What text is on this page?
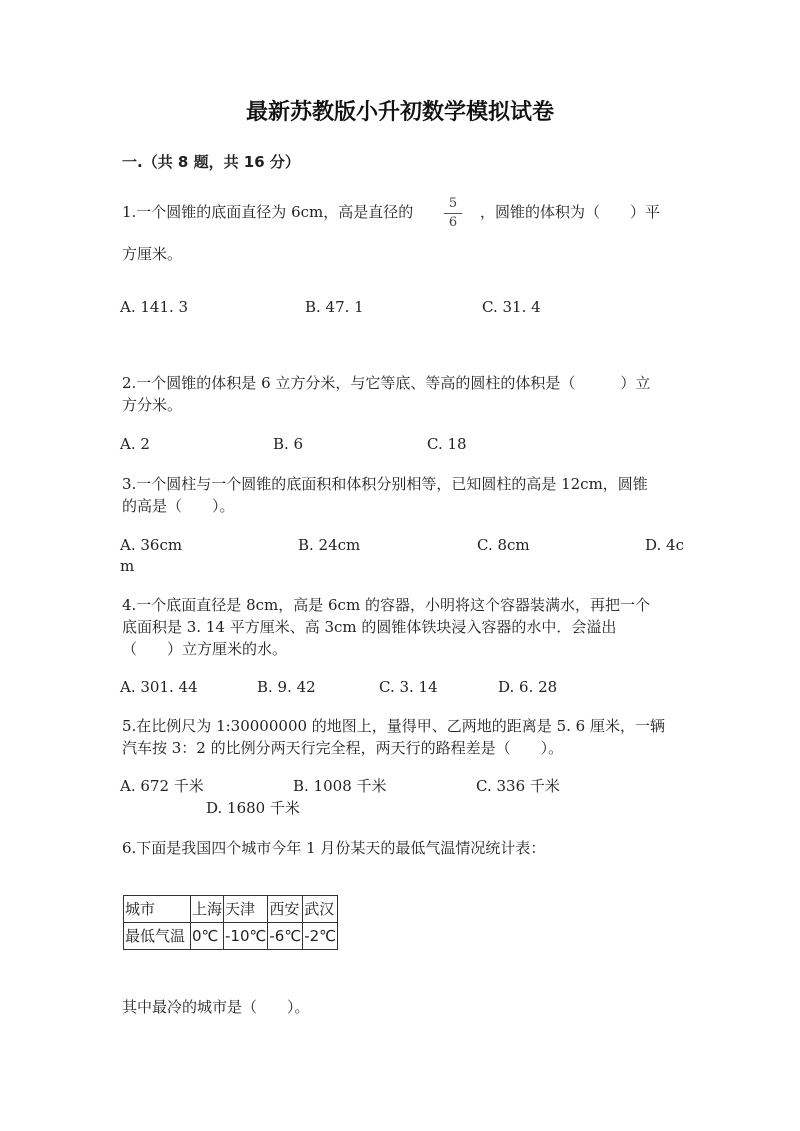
最新苏教版小升初数学模拟试卷
一.（共 8 题，共 16 分）
1.一个圆锥的底面直径为 6cm，高是直径的	5
6
，圆锥的体积为（　　）平
方厘米。
A. 141. 3	B. 47. 1	C. 31. 4
2.一个圆锥的体积是 6 立方分米，与它等底、等高的圆柱的体积是（　　　）立
方分米。
A. 2	B. 6	C. 18
3.一个圆柱与一个圆锥的底面积和体积分别相等，已知圆柱的高是 12cm，圆锥
的高是（　　）。
A. 36cm	B. 24cm	C. 8cm	D. 4c
m
4.一个底面直径是 8cm，高是 6cm 的容器，小明将这个容器装满水，再把一个
底面积是 3. 14 平方厘米、高 3cm 的圆锥体铁块浸入容器的水中．会溢出
（　　）立方厘米的水。
A. 301. 44	B. 9. 42	C. 3. 14	D. 6. 28
5.在比例尺为 1:30000000 的地图上，量得甲、乙两地的距离是 5. 6 厘米，一辆
汽车按 3：2 的比例分两天行完全程，两天行的路程差是（　　）。
A. 672 千米	B. 1008 千米	C. 336 千米
D. 1680 千米
6.下面是我国四个城市今年 1 月份某天的最低气温情况统计表：
城市	上海	天津	西安	武汉
最低气温	0℃	-10℃	-6℃	-2℃
其中最冷的城市是（　　）。
